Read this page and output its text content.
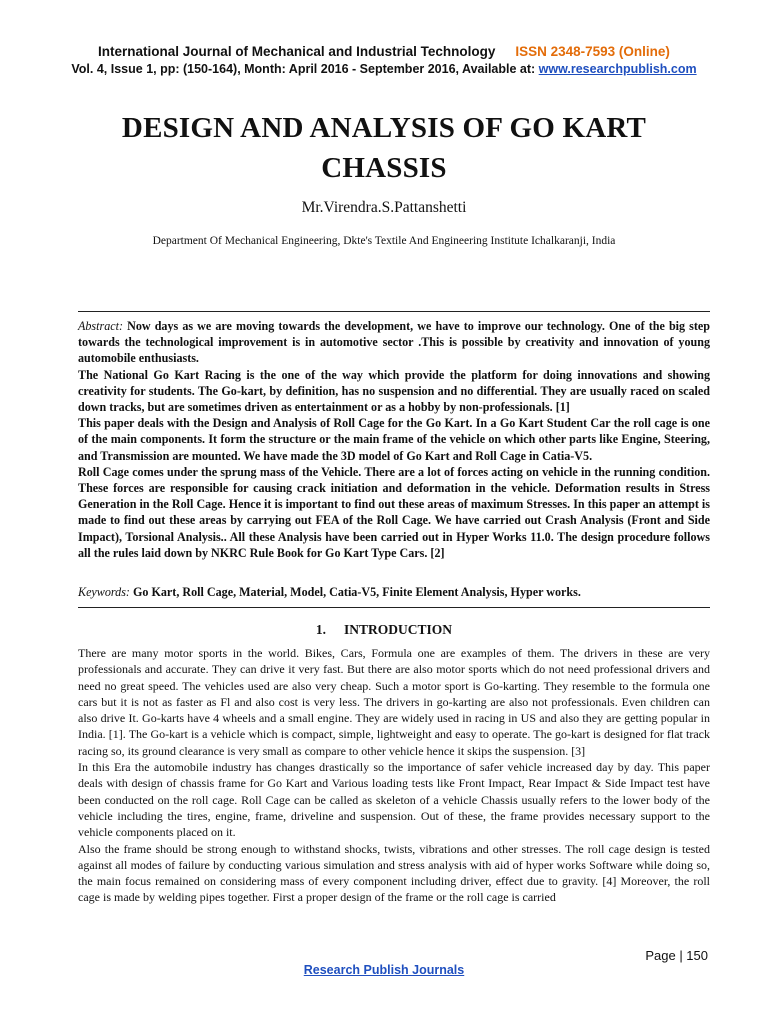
International Journal of Mechanical and Industrial Technology ISSN 2348-7593 (Online)
Vol. 4, Issue 1, pp: (150-164), Month: April 2016 - September 2016, Available at: www.researchpublish.com
DESIGN AND ANALYSIS OF GO KART CHASSIS
Mr.Virendra.S.Pattanshetti
Department Of Mechanical Engineering, Dkte's Textile And Engineering Institute Ichalkaranji, India

Abstract: Now days as we are moving towards the development, we have to improve our technology. One of the big step towards the technological improvement is in automotive sector .This is possible by creativity and innovation of young automobile enthusiasts.

The National Go Kart Racing is the one of the way which provide the platform for doing innovations and showing creativity for students. The Go-kart, by definition, has no suspension and no differential. They are usually raced on scaled down tracks, but are sometimes driven as entertainment or as a hobby by non-professionals. [1]

This paper deals with the Design and Analysis of Roll Cage for the Go Kart. In a Go Kart Student Car the roll cage is one of the main components. It form the structure or the main frame of the vehicle on which other parts like Engine, Steering, and Transmission are mounted. We have made the 3D model of Go Kart and Roll Cage in Catia-V5.

Roll Cage comes under the sprung mass of the Vehicle. There are a lot of forces acting on vehicle in the running condition. These forces are responsible for causing crack initiation and deformation in the vehicle. Deformation results in Stress Generation in the Roll Cage. Hence it is important to find out these areas of maximum Stresses. In this paper an attempt is made to find out these areas by carrying out FEA of the Roll Cage. We have carried out Crash Analysis (Front and Side Impact), Torsional Analysis.. All these Analysis have been carried out in Hyper Works 11.0. The design procedure follows all the rules laid down by NKRC Rule Book for Go Kart Type Cars. [2]

Keywords: Go Kart, Roll Cage, Material, Model, Catia-V5, Finite Element Analysis, Hyper works.
1. INTRODUCTION

There are many motor sports in the world. Bikes, Cars, Formula one are examples of them. The drivers in these are very professionals and accurate. They can drive it very fast. But there are also motor sports which do not need professional drivers and need no great speed. The vehicles used are also very cheap. Such a motor sport is Go-karting. They resemble to the formula one cars but it is not as faster as Fl and also cost is very less. The drivers in go-karting are also not professionals. Even children can also drive It. Go-karts have 4 wheels and a small engine. They are widely used in racing in US and also they are getting popular in India. [1]. The Go-kart is a vehicle which is compact, simple, lightweight and easy to operate. The go-kart is designed for flat track racing so, its ground clearance is very small as compare to other vehicle hence it skips the suspension. [3]

In this Era the automobile industry has changes drastically so the importance of safer vehicle increased day by day. This paper deals with design of chassis frame for Go Kart and Various loading tests like Front Impact, Rear Impact & Side Impact test have been conducted on the roll cage. Roll Cage can be called as skeleton of a vehicle Chassis usually refers to the lower body of the vehicle including the tires, engine, frame, driveline and suspension. Out of these, the frame provides necessary support to the vehicle components placed on it.

Also the frame should be strong enough to withstand shocks, twists, vibrations and other stresses. The roll cage design is tested against all modes of failure by conducting various simulation and stress analysis with aid of hyper works Software while doing so, the main focus remained on considering mass of every component including driver, effect due to gravity. [4] Moreover, the roll cage is made by welding pipes together. First a proper design of the frame or the roll cage is carried

Page | 150
Research Publish Journals
